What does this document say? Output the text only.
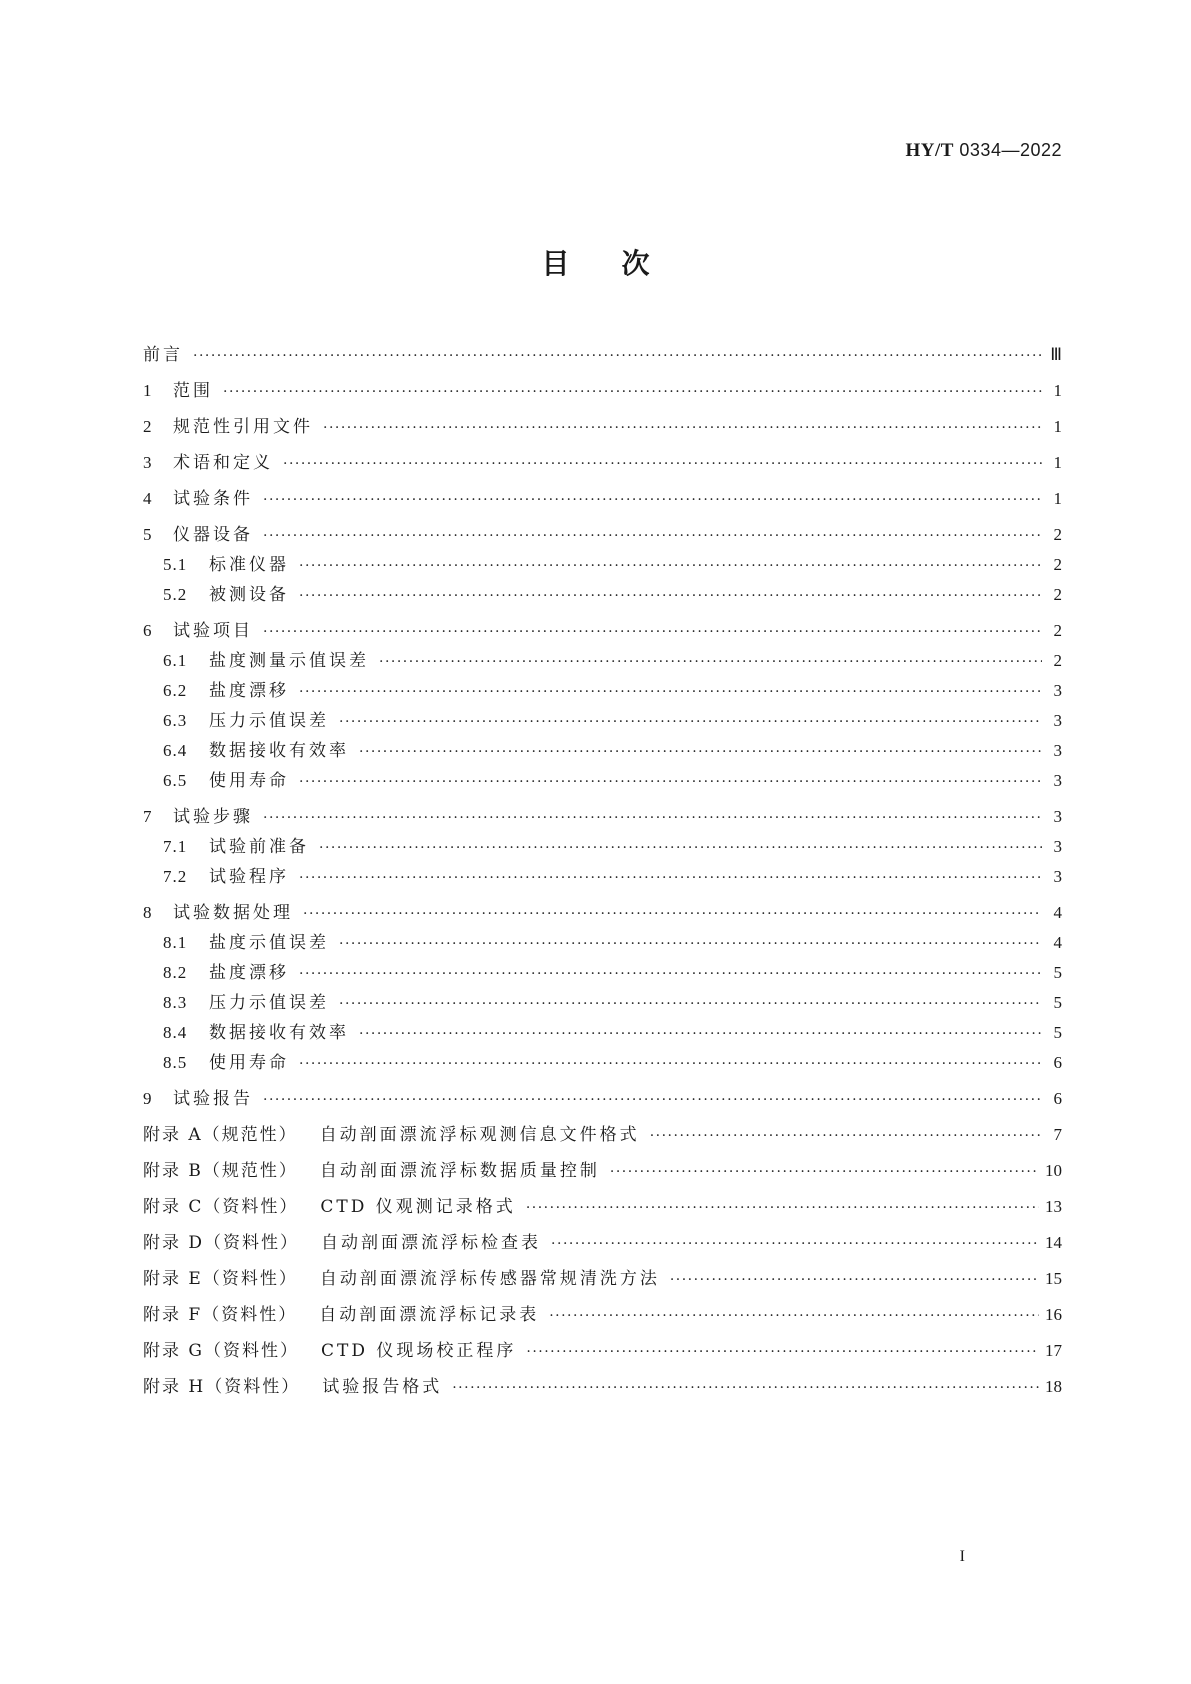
HY/T 0334—2022
目次
前言 ·····	Ⅲ
1	范围 ·····	1
2	规范性引用文件 ·····	1
3	术语和定义 ·····	1
4	试验条件 ·····	1
5	仪器设备 ·····	2
5.1	标准仪器 ·····	2
5.2	被测设备 ·····	2
6	试验项目 ·····	2
6.1	盐度测量示值误差 ·····	2
6.2	盐度漂移 ·····	3
6.3	压力示值误差 ·····	3
6.4	数据接收有效率 ·····	3
6.5	使用寿命 ·····	3
7	试验步骤 ·····	3
7.1	试验前准备 ·····	3
7.2	试验程序 ·····	3
8	试验数据处理 ·····	4
8.1	盐度示值误差 ·····	4
8.2	盐度漂移 ·····	5
8.3	压力示值误差 ·····	5
8.4	数据接收有效率 ·····	5
8.5	使用寿命 ·····	6
9	试验报告 ·····	6
附录 A（规范性）	自动剖面漂流浮标观测信息文件格式 ·····	7
附录 B（规范性）	自动剖面漂流浮标数据质量控制 ·····	10
附录 C（资料性）	CTD 仪观测记录格式 ·····	13
附录 D（资料性）	自动剖面漂流浮标检查表 ·····	14
附录 E（资料性）	自动剖面漂流浮标传感器常规清洗方法 ·····	15
附录 F（资料性）	自动剖面漂流浮标记录表 ·····	16
附录 G（资料性）	CTD 仪现场校正程序 ·····	17
附录 H（资料性）	试验报告格式 ·····	18
I
